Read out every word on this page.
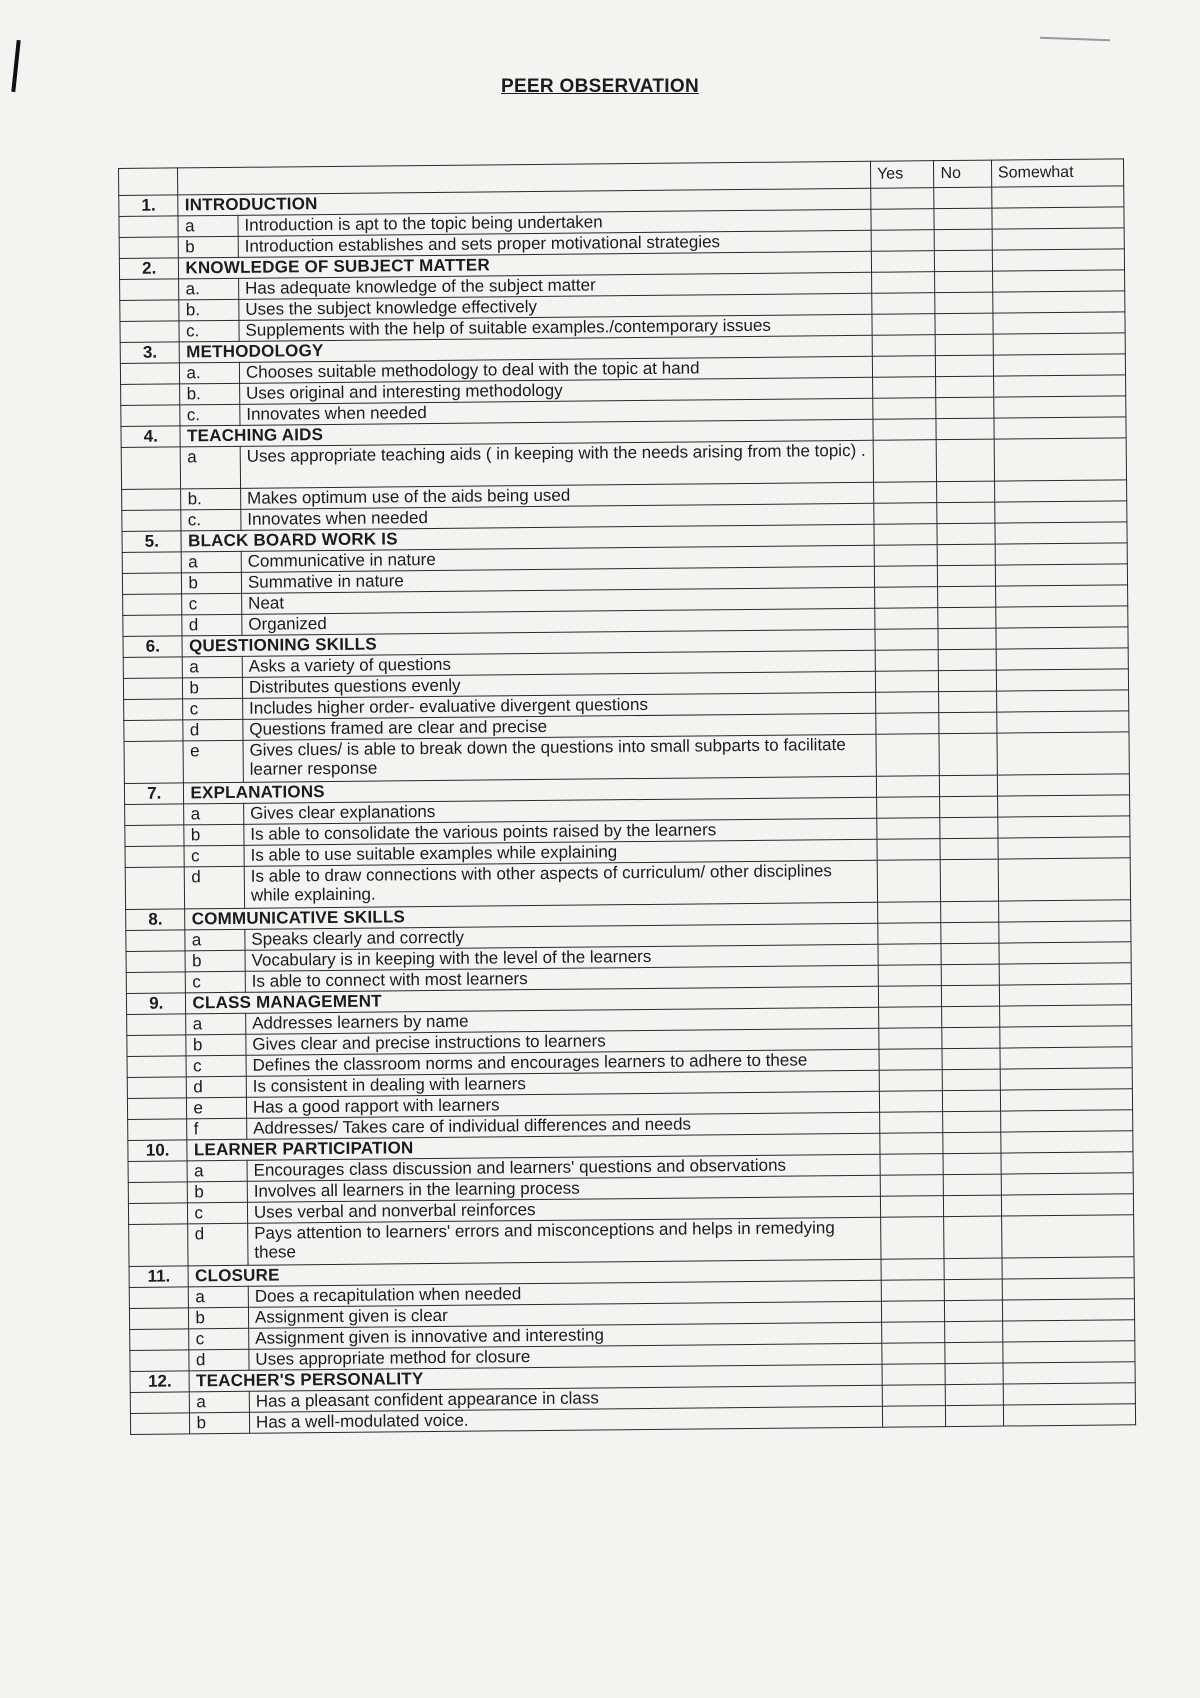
PEER OBSERVATION
			Yes	No	Somewhat
1.	INTRODUCTION				
	a	Introduction is apt to the topic being undertaken			
	b	Introduction establishes and sets proper motivational strategies			
2.	KNOWLEDGE OF SUBJECT MATTER				
	a.	Has adequate knowledge of the subject matter			
	b.	Uses the subject knowledge effectively			
	c.	Supplements with the help of suitable examples./contemporary issues			
3.	METHODOLOGY				
	a.	Chooses suitable methodology to deal with the topic at hand			
	b.	Uses original and interesting methodology			
	c.	Innovates when needed			
4.	TEACHING AIDS				
	a	Uses appropriate teaching aids ( in keeping with the needs arising from the topic) .			
	b.	Makes optimum use of the aids being used			
	c.	Innovates when needed			
5.	BLACK BOARD WORK IS				
	a	Communicative in nature			
	b	Summative in nature			
	c	Neat			
	d	Organized			
6.	QUESTIONING SKILLS				
	a	Asks a variety of questions			
	b	Distributes questions evenly			
	c	Includes higher order- evaluative divergent questions			
	d	Questions framed are clear and precise			
	e	Gives clues/ is able to break down the questions into small subparts to facilitate learner response			
7.	EXPLANATIONS				
	a	Gives clear explanations			
	b	Is able to consolidate the various points raised by the learners			
	c	Is able to use suitable examples while explaining			
	d	Is able to draw connections with other aspects of curriculum/ other disciplines while explaining.			
8.	COMMUNICATIVE SKILLS				
	a	Speaks clearly and correctly			
	b	Vocabulary is in keeping with the level of the learners			
	c	Is able to connect with most learners			
9.	CLASS MANAGEMENT				
	a	Addresses learners by name			
	b	Gives clear and precise instructions to learners			
	c	Defines the classroom norms and encourages learners to adhere to these			
	d	Is consistent in dealing with learners			
	e	Has a good rapport with learners			
	f	Addresses/ Takes care of individual differences and needs			
10.	LEARNER PARTICIPATION				
	a	Encourages class discussion and learners' questions and observations			
	b	Involves all learners in the learning process			
	c	Uses verbal and nonverbal reinforces			
	d	Pays attention to learners' errors and misconceptions and helps in remedying these			
11.	CLOSURE				
	a	Does a recapitulation when needed			
	b	Assignment given is clear			
	c	Assignment given is innovative and interesting			
	d	Uses appropriate method for closure			
12.	TEACHER'S PERSONALITY				
	a	Has a pleasant confident appearance in class			
	b	Has a well-modulated voice.			
